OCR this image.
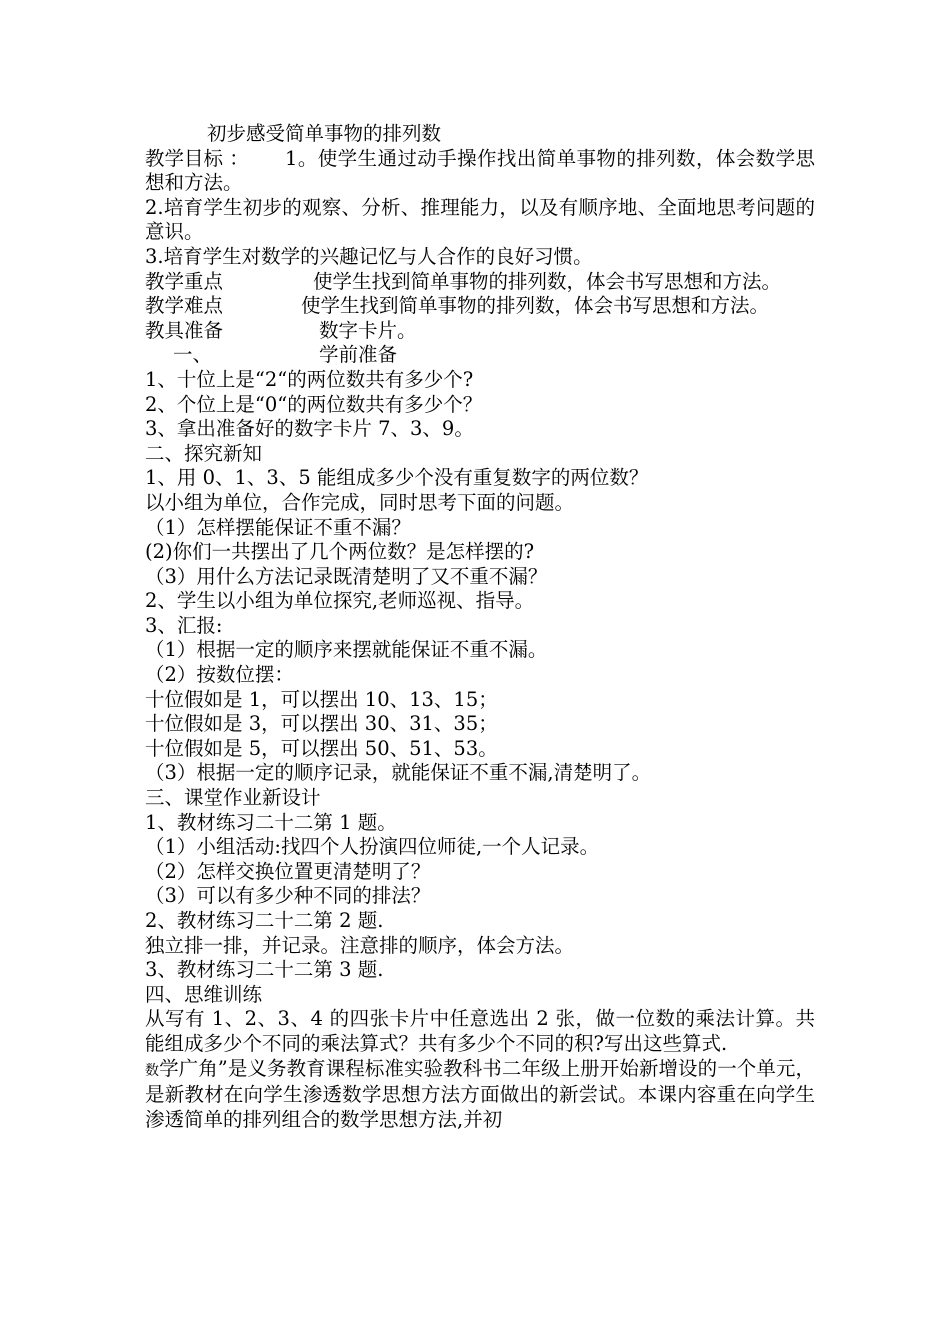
初步感受简单事物的排列数

教学目标 ： 1。使学生通过动手操作找出简单事物的排列数，体会数学思想和方法。

2.培育学生初步的观察、分析、推理能力，以及有顺序地、全面地思考问题的意识。

3.培育学生对数学的兴趣记忆与人合作的良好习惯。

教学重点	使学生找到简单事物的排列数，体会书写思想和方法。

教学难点	使学生找到简单事物的排列数，体会书写思想和方法。

教具准备	数字卡片。

一、	学前准备

1、十位上是“2“的两位数共有多少个?

2、个位上是“0“的两位数共有多少个？

3、拿出准备好的数字卡片 7、3、9。

二、探究新知

1、用 0、1、3、5 能组成多少个没有重复数字的两位数？

以小组为单位，合作完成，同时思考下面的问题。

（1）怎样摆能保证不重不漏？

(2)你们一共摆出了几个两位数？是怎样摆的?

（3）用什么方法记录既清楚明了又不重不漏？

2、学生以小组为单位探究,老师巡视、指导。

3、汇报:

（1）根据一定的顺序来摆就能保证不重不漏。

（2）按数位摆：

十位假如是 1，可以摆出 10、13、15；

十位假如是 3，可以摆出 30、31、35；

十位假如是 5，可以摆出 50、51、53。

（3）根据一定的顺序记录，就能保证不重不漏,清楚明了。

三、课堂作业新设计

1、教材练习二十二第 1 题。

（1）小组活动:找四个人扮演四位师徒,一个人记录。

（2）怎样交换位置更清楚明了？

（3）可以有多少种不同的排法？

2、教材练习二十二第 2 题.

独立排一排，并记录。注意排的顺序，体会方法。

3、教材练习二十二第 3 题.

四、思维训练

从写有 1、2、3、4 的四张卡片中任意选出 2 张，做一位数的乘法计算。共能组成多少个不同的乘法算式？共有多少个不同的积?写出这些算式.

数学广角”是义务教育课程标准实验教科书二年级上册开始新增设的一个单元，是新教材在向学生渗透数学思想方法方面做出的新尝试。本课内容重在向学生渗透简单的排列组合的数学思想方法,并初
